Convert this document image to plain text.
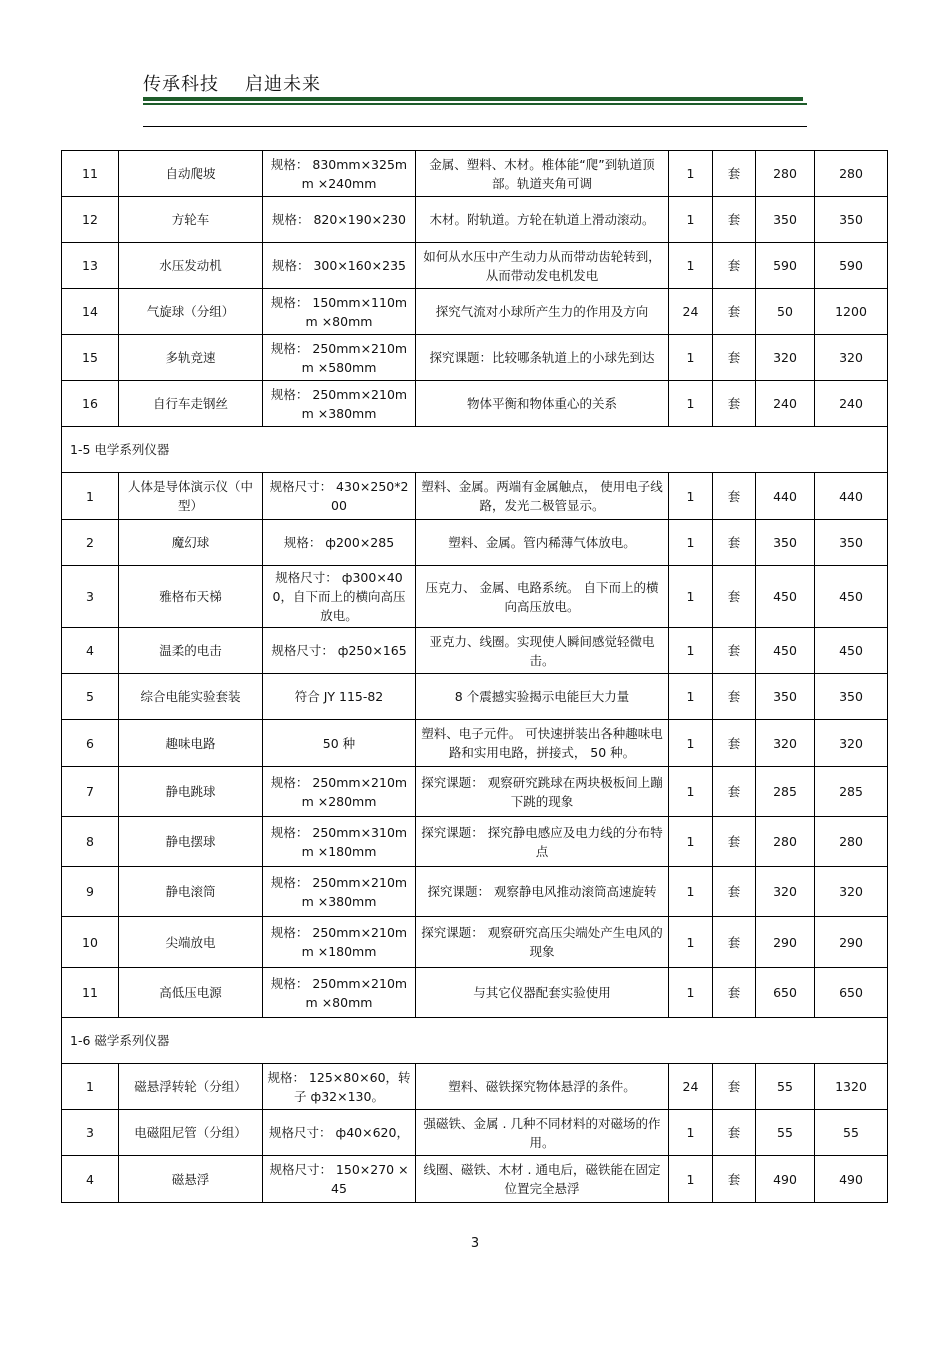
传承科技 启迪未来
11	自动爬坡	规格： 830mm×325mm ×240mm	金属、塑料、木材。椎体能“爬”到轨道顶部。轨道夹角可调	1	套	280	280
12	方轮车	规格： 820×190×230	木材。附轨道。方轮在轨道上滑动滚动。	1	套	350	350
13	水压发动机	规格： 300×160×235	如何从水压中产生动力从而带动齿轮转到，从而带动发电机发电	1	套	590	590
14	气旋球（分组）	规格： 150mm×110mm ×80mm	探究气流对小球所产生力的作用及方向	24	套	50	1200
15	多轨竞速	规格： 250mm×210mm ×580mm	探究课题：比较哪条轨道上的小球先到达	1	套	320	320
16	自行车走钢丝	规格： 250mm×210mm ×380mm	物体平衡和物体重心的关系	1	套	240	240
1-5 电学系列仪器							
1	人体是导体演示仪（中型）	规格尺寸： 430×250*200	塑料、金属。两端有金属触点， 使用电子线路，发光二极管显示。	1	套	440	440
2	魔幻球	规格： ф200×285	塑料、金属。管内稀薄气体放电。	1	套	350	350
3	雅格布天梯	规格尺寸： ф300×400，自下而上的横向高压放电。	压克力、 金属、电路系统。 自下而上的横向高压放电。	1	套	450	450
4	温柔的电击	规格尺寸： ф250×165	亚克力、线圈。实现使人瞬间感觉轻微电击。	1	套	450	450
5	综合电能实验套装	符合 JY 115-82	8 个震撼实验揭示电能巨大力量	1	套	350	350
6	趣味电路	50 种	塑料、电子元件。 可快速拼装出各种趣味电路和实用电路，拼接式， 50 种。	1	套	320	320
7	静电跳球	规格： 250mm×210mm ×280mm	探究课题： 观察研究跳球在两块极板间上蹦下跳的现象	1	套	285	285
8	静电摆球	规格： 250mm×310mm ×180mm	探究课题： 探究静电感应及电力线的分布特点	1	套	280	280
9	静电滚筒	规格： 250mm×210mm ×380mm	探究课题： 观察静电风推动滚筒高速旋转	1	套	320	320
10	尖端放电	规格： 250mm×210mm ×180mm	探究课题： 观察研究高压尖端处产生电风的现象	1	套	290	290
11	高低压电源	规格： 250mm×210mm ×80mm	与其它仪器配套实验使用	1	套	650	650
1-6 磁学系列仪器							
1	磁悬浮转轮（分组）	规格： 125×80×60，转子 ф32×130。	塑料、磁铁探究物体悬浮的条件。	24	套	55	1320
3	电磁阻尼管（分组）	规格尺寸： ф40×620，	强磁铁、金属 . 几种不同材料的对磁场的作用。	1	套	55	55
4	磁悬浮	规格尺寸： 150×270 ×45	线圈、磁铁、木材 . 通电后，磁铁能在固定位置完全悬浮	1	套	490	490
3
